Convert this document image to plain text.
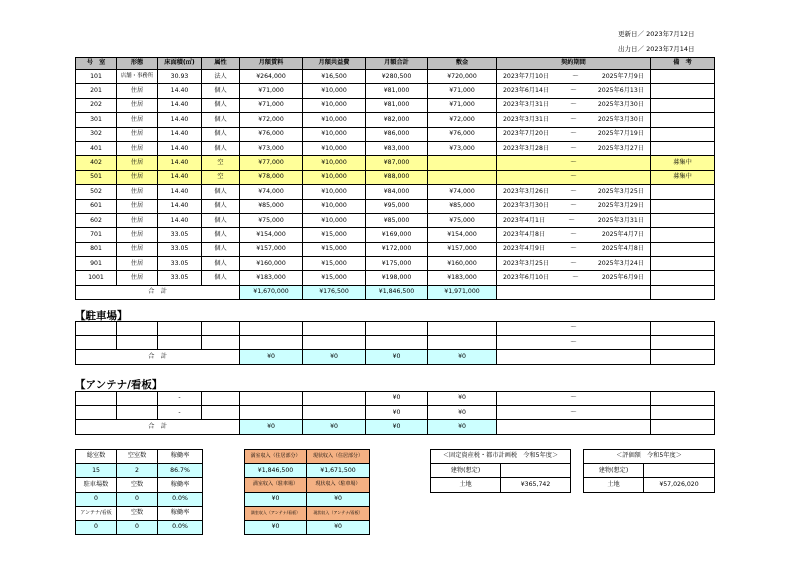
更新日／ 2023年7月12日
出力日／ 2023年7月14日
号　室	形態	床面積(㎡)	属性	月額賃料	月額共益費	月額合計	敷金	契約期間	備　考
101	店舗・事務所	30.93	法人	¥264,000	¥16,500	¥280,500	¥720,000	2023年7月10日 ～ 2025年7月9日	

201	住居	14.40	個人	¥71,000	¥10,000	¥81,000	¥71,000	2023年6月14日 ～ 2025年6月13日	

202	住居	14.40	個人	¥71,000	¥10,000	¥81,000	¥71,000	2023年3月31日 ～ 2025年3月30日	

301	住居	14.40	個人	¥72,000	¥10,000	¥82,000	¥72,000	2023年3月31日 ～ 2025年3月30日	

302	住居	14.40	個人	¥76,000	¥10,000	¥86,000	¥76,000	2023年7月20日 ～ 2025年7月19日	

401	住居	14.40	個人	¥73,000	¥10,000	¥83,000	¥73,000	2023年3月28日 ～ 2025年3月27日	

402	住居	14.40	空	¥77,000	¥10,000	¥87,000		～	募集中
501	住居	14.40	空	¥78,000	¥10,000	¥88,000		～	募集中
502	住居	14.40	個人	¥74,000	¥10,000	¥84,000	¥74,000	2023年3月26日 ～ 2025年3月25日	

601	住居	14.40	個人	¥85,000	¥10,000	¥95,000	¥85,000	2023年3月30日 ～ 2025年3月29日	

602	住居	14.40	個人	¥75,000	¥10,000	¥85,000	¥75,000	2023年4月1日 ～ 2025年3月31日	

701	住居	33.05	個人	¥154,000	¥15,000	¥169,000	¥154,000	2023年4月8日 ～ 2025年4月7日	

801	住居	33.05	個人	¥157,000	¥15,000	¥172,000	¥157,000	2023年4月9日 ～ 2025年4月8日	

901	住居	33.05	個人	¥160,000	¥15,000	¥175,000	¥160,000	2023年3月25日 ～ 2025年3月24日	

1001	住居	33.05	個人	¥183,000	¥15,000	¥198,000	¥183,000	2023年6月10日 ～ 2025年6月9日	

合　計				¥1,670,000	¥176,500	¥1,846,500	¥1,971,000		
【駐車場】
								～	
								～	
合　計				¥0	¥0	¥0	¥0		
【アンテナ/看板】
		-				¥0	¥0	～	
		-				¥0	¥0	～	
合　計				¥0	¥0	¥0	¥0		
総室数	空室数	稼働率
15	2	86.7%
駐車場数	空数	稼働率
0	0	0.0%
アンテナ/看板	空数	稼働率
0	0	0.0%
満室収入（住居部分）	現状収入（住居部分）
¥1,846,500	¥1,671,500
満室収入（駐車場）	現状収入（駐車場）
¥0	¥0
満室収入（アンテナ/看板）	現状収入（アンテナ/看板）
¥0	¥0
＜固定資産税・都市計画税　令和5年度＞	
建物(想定)	
土地	¥365,742
＜評価額　令和5年度＞	
建物(想定)	
土地	¥57,026,020
